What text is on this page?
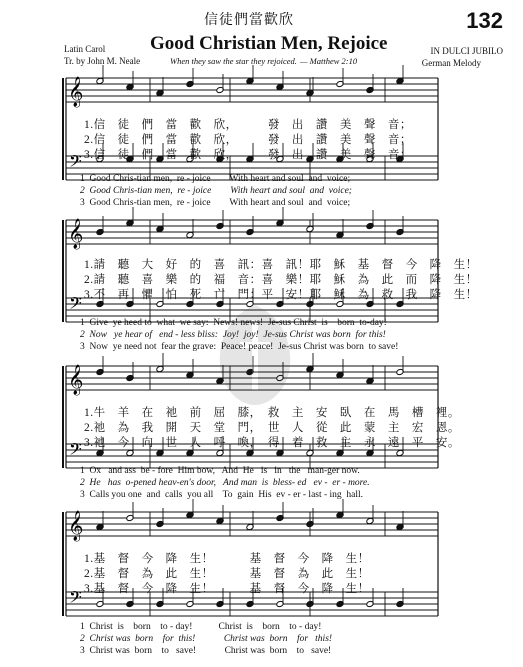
信徒們當歡欣	132
Good Christian Men, Rejoice
When they saw the star they rejoiced. — Matthew 2:10
Latin Carol
Tr. by John M. Neale
IN DULCI JUBILO
German Melody
𝄞
𝄢
𝄞
𝄢
𝄞
𝄢
𝄞
𝄢
1.信　徒　們　當　歡　欣，　　　發　出　讚　美　聲　音；
2.信　徒　們　當　歡　欣，　　　發　出　讚　美　聲　音；
3.信　徒　們　當　歡　欣，　　　發　出　讚　美　聲　音；
1  Good Chris-tian men,  re - joice        With heart and soul  and  voice;
2  Good Chris-tian men,  re - joice        With heart and soul  and  voice;
3  Good Chris-tian men,  re - joice        With heart and soul  and  voice;
1.請　聽　大　好　的　喜　訊：喜　訊！耶　穌　基　督　今　降　生！
2.請　聽　喜　樂　的　福　音：喜　樂！耶　穌　為　此　而　降　生！
3.不　再　懼　怕　死　亡　門：平　安！耶　穌　為　救　我　降　生！
1  Give  ye heed to  what  we say:  News! news!  Je-sus Christ  is    born  to-day!
2  Now   ye hear of   end - less bliss:  Joy!  joy!  Je-sus Christ was born  for this!
3  Now  ye need not  fear the grave:  Peace! peace!  Je-sus Christ was born  to save!
1.牛　羊　在　祂　前　屈　膝，　救　主　安　臥　在　馬　槽　裡。
2.祂　為　我　開　天　堂　門，　世　人　從　此　蒙　主　宏　恩。
3.祂　今　向　世　人　呼　喚，　得　着　救　主　永　遠　平　安。
1  Ox   and ass  be - fore  Him bow,   And  He   is   in   the   man-ger now.
2  He   has  o-pened heav-en's door,   And man  is  bless- ed   ev -  er - more.
3  Calls you one  and  calls  you all    To  gain  His  ev - er - last - ing  hall.
1.基　督　今　降　生！　　　基　督　今　降　生！
2.基　督　為　此　生！　　　基　督　為　此　生！
3.基　督　今　降　生！　　　基　督　今　降　生！
1  Christ  is    born    to - day!           Christ  is    born    to - day!
2  Christ was  born    for  this!            Christ was  born    for   this!
3  Christ was  born    to   save!            Christ was  born    to   save!
